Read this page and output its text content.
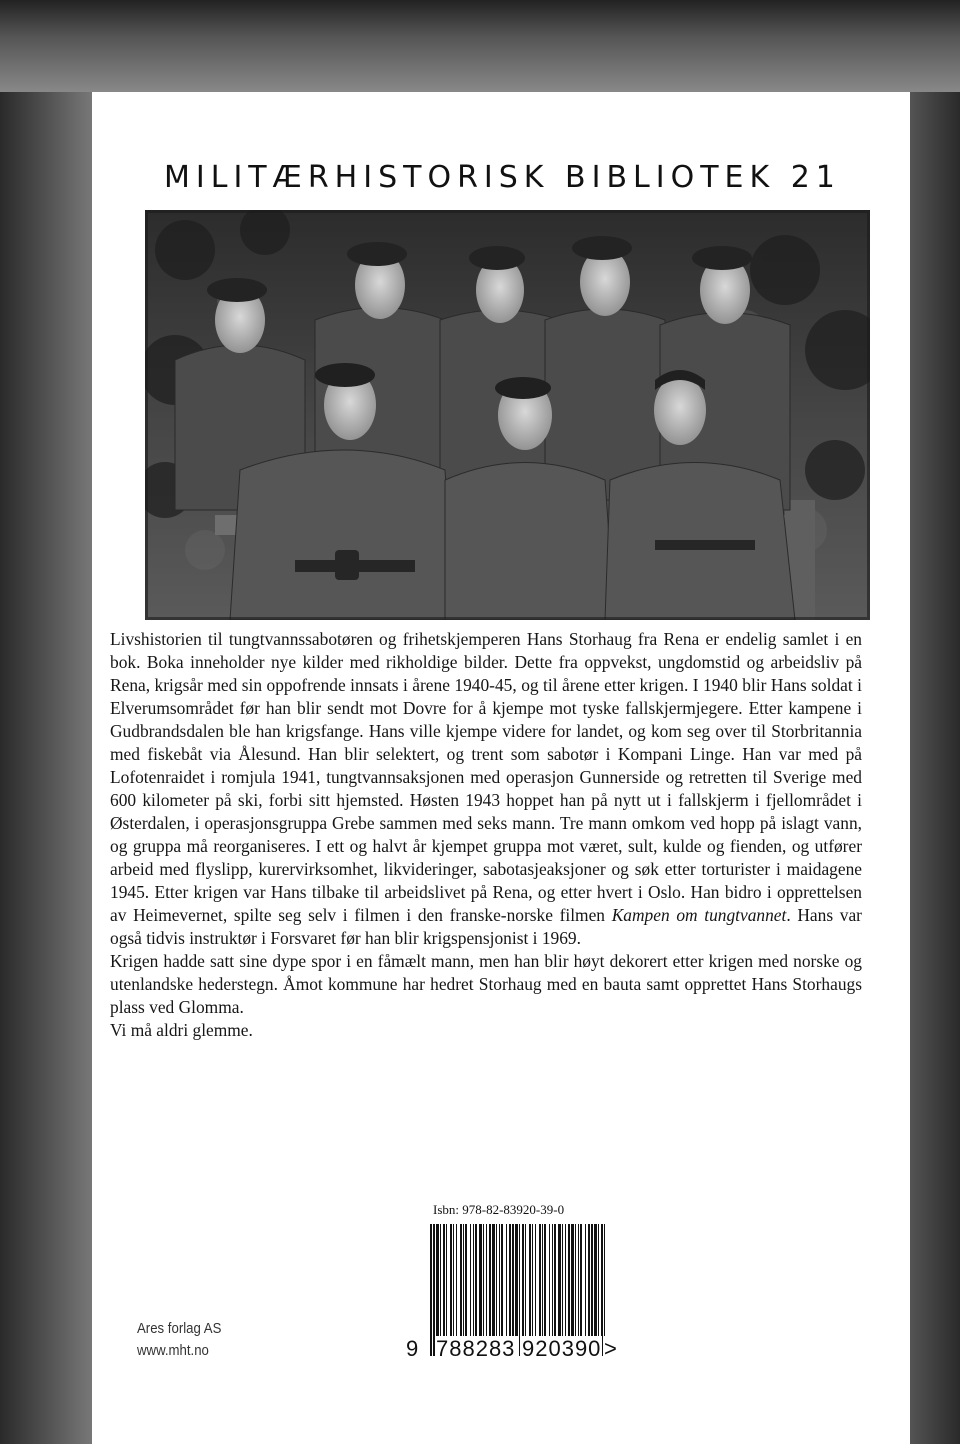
MILITÆRHISTORISK BIBLIOTEK 21

Livshistorien til tungtvannssabotøren og frihetskjemperen Hans Storhaug fra Rena er endelig samlet i en bok. Boka inneholder nye kilder med rikholdige bilder. Dette fra oppvekst, ungdomstid og arbeidsliv på Rena, krigsår med sin oppofrende innsats i årene 1940-45, og til årene etter krigen. I 1940 blir Hans soldat i Elverumsområdet før han blir sendt mot Dovre for å kjempe mot tyske fallskjermjegere. Etter kampene i Gudbrandsdalen ble han krigsfange. Hans ville kjempe videre for landet, og kom seg over til Storbritannia med fiskebåt via Ålesund. Han blir selektert, og trent som sabotør i Kompani Linge. Han var med på Lofotenraidet i romjula 1941, tungtvannsaksjonen med operasjon Gunnerside og retretten til Sverige med 600 kilometer på ski, forbi sitt hjemsted. Høsten 1943 hoppet han på nytt ut i fallskjerm i fjellområdet i Østerdalen, i operasjonsgruppa Grebe sammen med seks mann. Tre mann omkom ved hopp på islagt vann, og gruppa må reorganiseres. I ett og halvt år kjempet gruppa mot været, sult, kulde og fienden, og utfører arbeid med flyslipp, kurervirksomhet, likvideringer, sabotasjeaksjoner og søk etter torturister i maidagene 1945. Etter krigen var Hans tilbake til arbeidslivet på Rena, og etter hvert i Oslo. Han bidro i opprettelsen av Heimevernet, spilte seg selv i filmen i den franske-norske filmen Kampen om tungtvannet. Hans var også tidvis instruktør i Forsvaret før han blir krigspensjonist i 1969.

Krigen hadde satt sine dype spor i en fåmælt mann, men han blir høyt dekorert etter krigen med norske og utenlandske hederstegn. Åmot kommune har hedret Storhaug med en bauta samt opprettet Hans Storhaugs plass ved Glomma.

Vi må aldri glemme.

Isbn: 978-82-83920-39-0
9 788283 920390 >
Ares forlag AS
www.mht.no
